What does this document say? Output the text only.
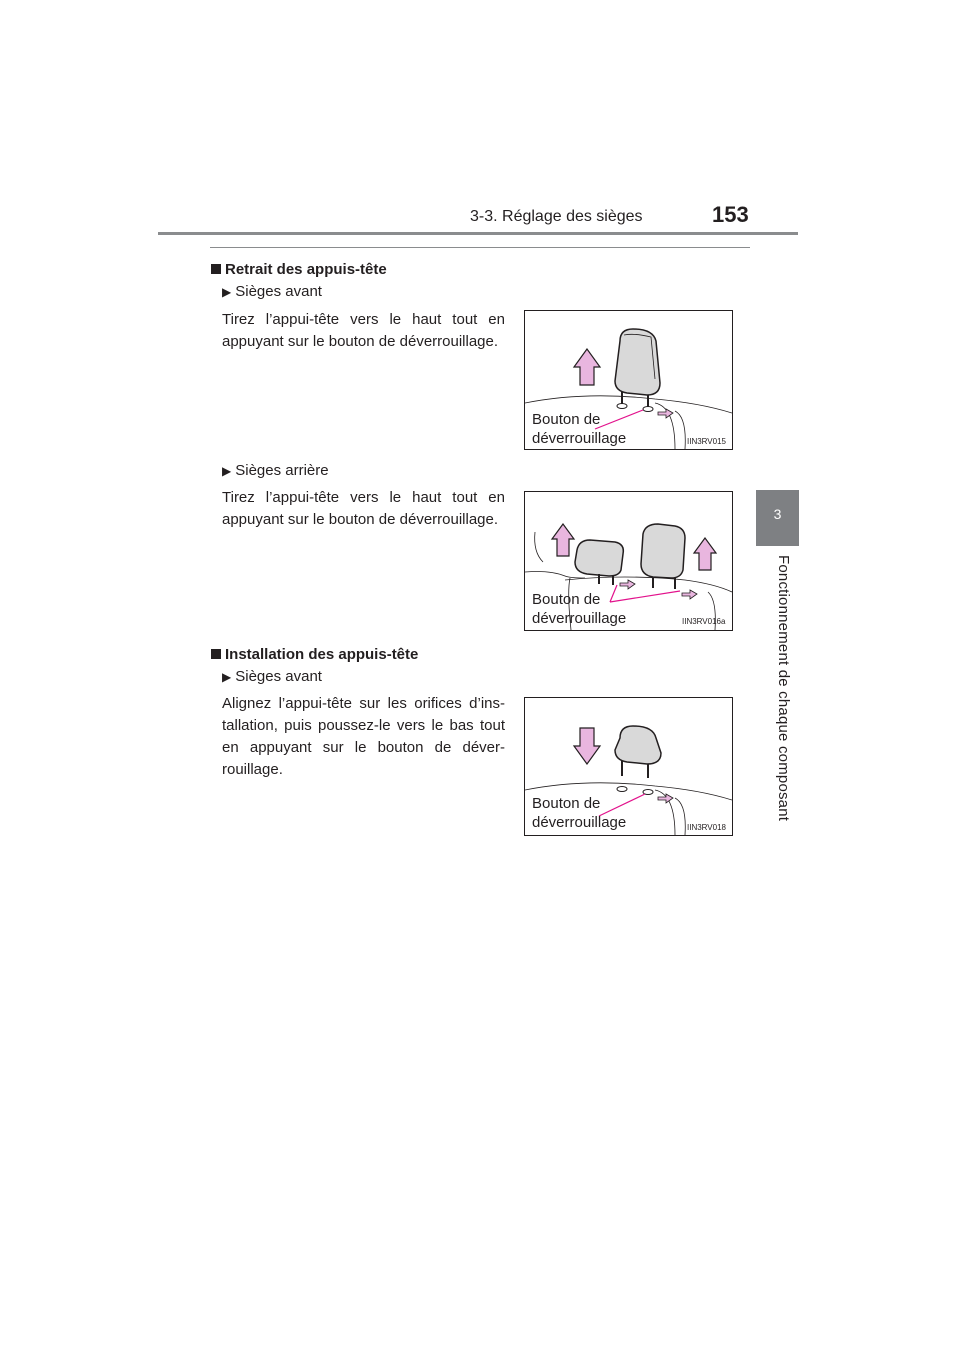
3-3. Réglage des sièges	153
3
Fonctionnement de chaque composant
Retrait des appuis-tête
▶ Sièges avant
Tirez l’appui-tête vers le haut tout en appuyant sur le bouton de déverrouillage.
Bouton de
déverrouillage	IIN3RV015
▶ Sièges arrière
Tirez l’appui-tête vers le haut tout en appuyant sur le bouton de déverrouillage.
Bouton de
déverrouillage	IIN3RV016a
Installation des appuis-tête
▶ Sièges avant
Alignez l’appui-tête sur les orifices d’ins-tallation, puis poussez-le vers le bas tout en appuyant sur le bouton de déver-rouillage.
Bouton de
déverrouillage	IIN3RV018
